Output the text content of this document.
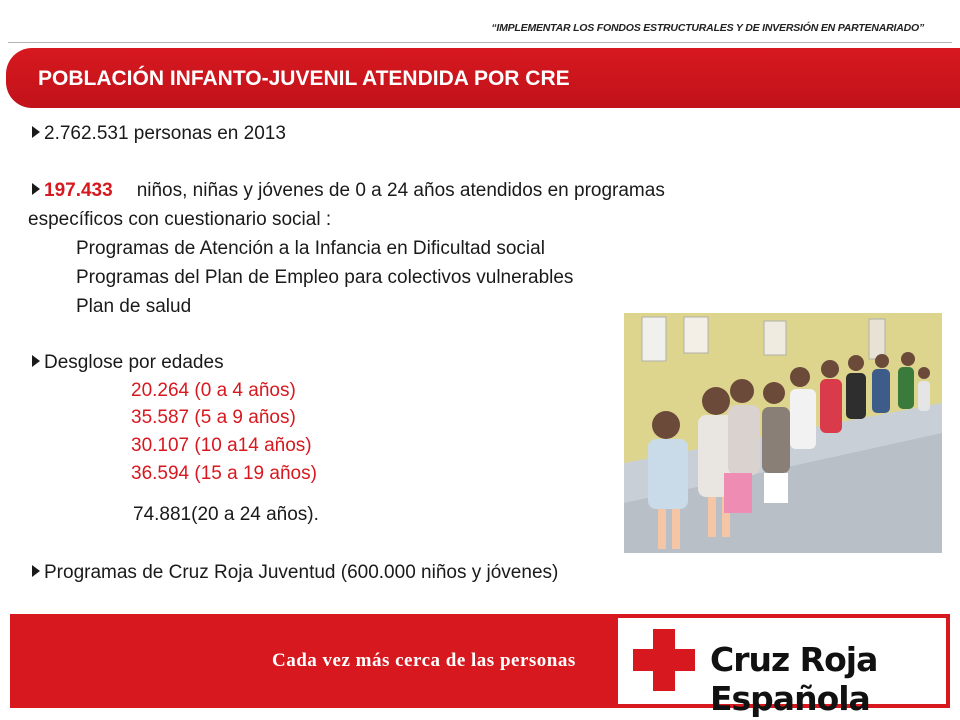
“IMPLEMENTAR LOS FONDOS ESTRUCTURALES Y DE INVERSIÓN EN PARTENARIADO”
POBLACIÓN INFANTO-JUVENIL ATENDIDA POR CRE
2.762.531 personas en 2013
197.433 niños, niñas y jóvenes de 0 a 24 años atendidos en programas
específicos con cuestionario social :
Programas de Atención a la Infancia en Dificultad social
Programas del Plan de Empleo para colectivos vulnerables
Plan de salud
Desglose por edades
20.264 (0 a 4 años)
35.587 (5 a 9 años)
30.107 (10 a14 años)
36.594 (15 a 19 años)
74.881(20 a 24 años).
Programas de Cruz Roja Juventud (600.000 niños y jóvenes)
Cada vez más cerca de las personas	Cruz Roja Española
